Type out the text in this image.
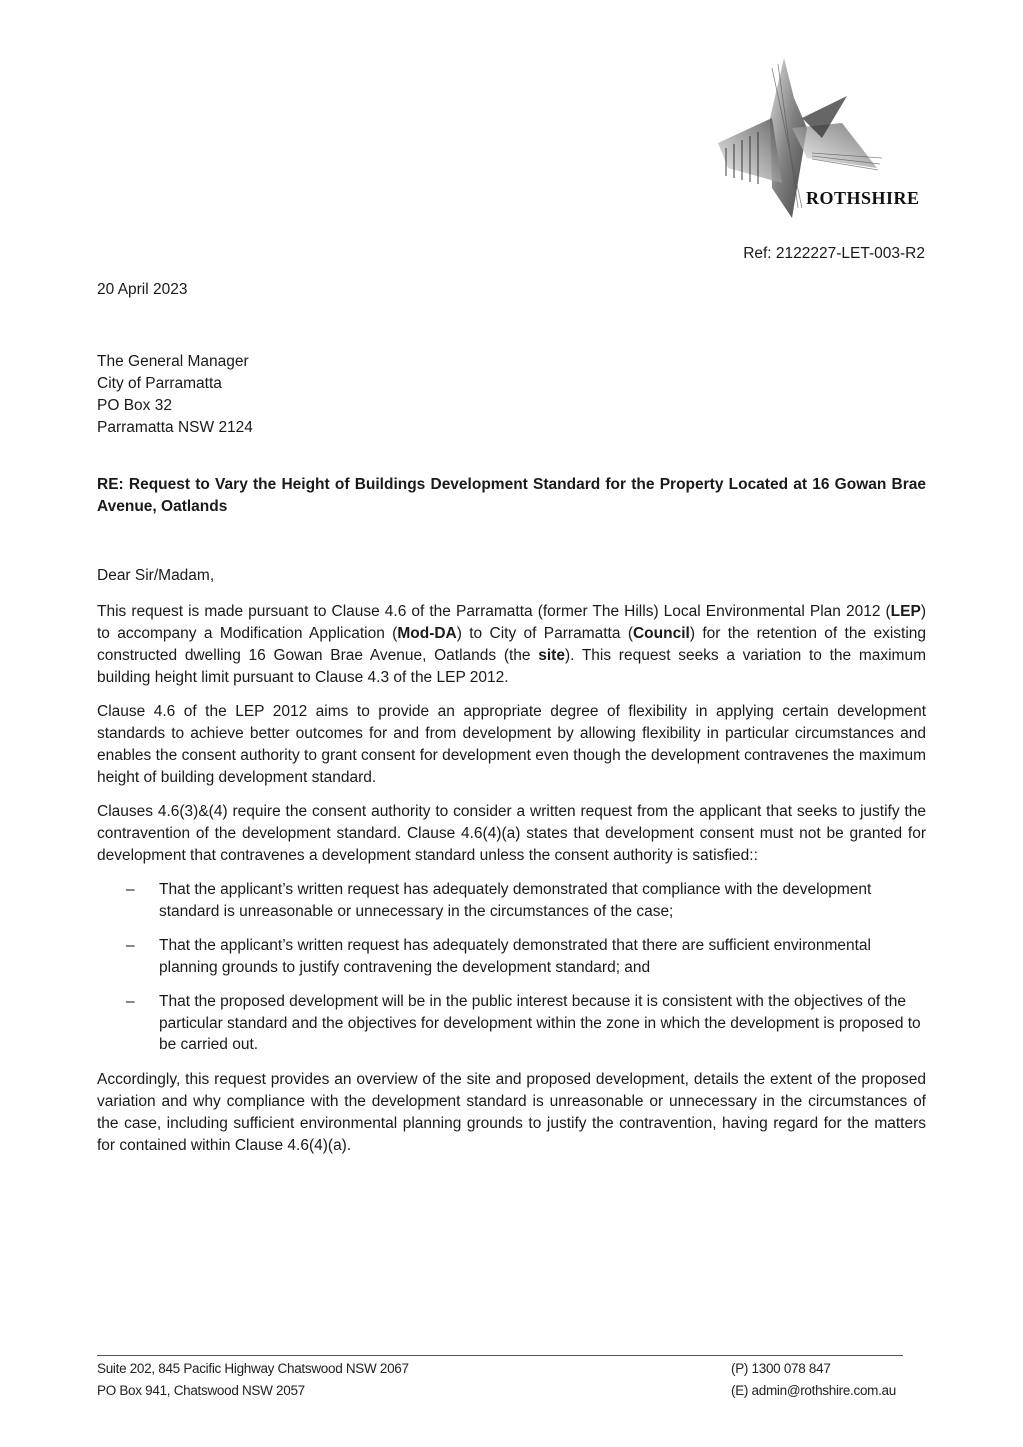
ROTHSHIRE
Ref: 2122227-LET-003-R2
20 April 2023
The General Manager
City of Parramatta
PO Box 32
Parramatta NSW 2124
RE: Request to Vary the Height of Buildings Development Standard for the Property Located at 16 Gowan Brae Avenue, Oatlands
Dear Sir/Madam,

This request is made pursuant to Clause 4.6 of the Parramatta (former The Hills) Local Environmental Plan 2012 (LEP) to accompany a Modification Application (Mod-DA) to City of Parramatta (Council) for the retention of the existing constructed dwelling 16 Gowan Brae Avenue, Oatlands (the site). This request seeks a variation to the maximum building height limit pursuant to Clause 4.3 of the LEP 2012.

Clause 4.6 of the LEP 2012 aims to provide an appropriate degree of flexibility in applying certain development standards to achieve better outcomes for and from development by allowing flexibility in particular circumstances and enables the consent authority to grant consent for development even though the development contravenes the maximum height of building development standard.

Clauses 4.6(3)&(4) require the consent authority to consider a written request from the applicant that seeks to justify the contravention of the development standard. Clause 4.6(4)(a) states that development consent must not be granted for development that contravenes a development standard unless the consent authority is satisfied::

– That the applicant’s written request has adequately demonstrated that compliance with the development standard is unreasonable or unnecessary in the circumstances of the case;
– That the applicant’s written request has adequately demonstrated that there are sufficient environmental planning grounds to justify contravening the development standard; and
– That the proposed development will be in the public interest because it is consistent with the objectives of the particular standard and the objectives for development within the zone in which the development is proposed to be carried out.

Accordingly, this request provides an overview of the site and proposed development, details the extent of the proposed variation and why compliance with the development standard is unreasonable or unnecessary in the circumstances of the case, including sufficient environmental planning grounds to justify the contravention, having regard for the matters for contained within Clause 4.6(4)(a).

Suite 202, 845 Pacific Highway Chatswood NSW 2067
PO Box 941, Chatswood NSW 2057
(P) 1300 078 847
(E) admin@rothshire.com.au
